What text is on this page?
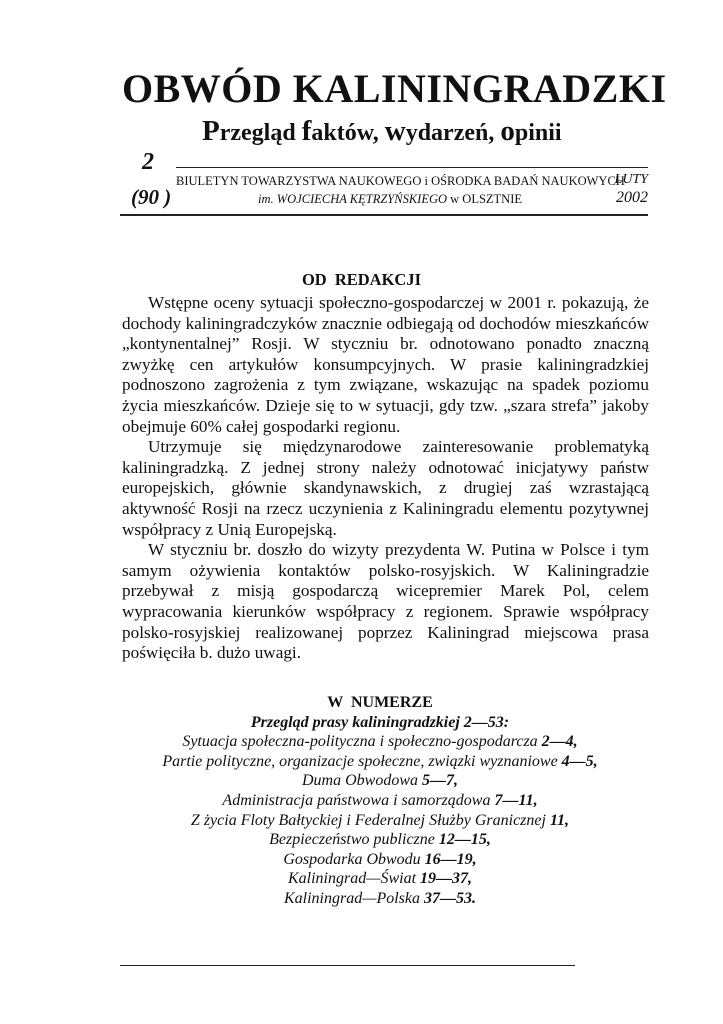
OBWÓD KALININGRADZKI
Przegląd faktów, wydarzeń, opinii
2
(90 )
BIULETYN TOWARZYSTWA NAUKOWEGO i OŚRODKA BADAŃ NAUKOWYCH
im. WOJCIECHA KĘTRZYŃSKIEGO w OLSZTNIE
LUTY
2002
OD REDAKCJI

Wstępne oceny sytuacji społeczno-gospodarczej w 2001 r. pokazują, że dochody kaliningradczyków znacznie odbiegają od dochodów mieszkańców „kontynentalnej” Rosji. W styczniu br. odnotowano ponadto znaczną zwyżkę cen artykułów konsumpcyjnych. W prasie kaliningradzkiej podnoszono zagrożenia z tym związane, wskazując na spadek poziomu życia mieszkańców. Dzieje się to w sytuacji, gdy tzw. „szara strefa” jakoby obejmuje 60% całej gospodarki regionu.

Utrzymuje się międzynarodowe zainteresowanie problematyką kaliningradzką. Z jednej strony należy odnotować inicjatywy państw europejskich, głównie skandynawskich, z drugiej zaś wzrastającą aktywność Rosji na rzecz uczynienia z Kaliningradu elementu pozytywnej współpracy z Unią Europejską.

W styczniu br. doszło do wizyty prezydenta W. Putina w Polsce i tym samym ożywienia kontaktów polsko-rosyjskich. W Kaliningradzie przebywał z misją gospodarczą wicepremier Marek Pol, celem wypracowania kierunków współpracy z regionem. Sprawie współpracy polsko-rosyjskiej realizowanej poprzez Kaliningrad miejscowa prasa poświęciła b. dużo uwagi.

W NUMERZE
Przegląd prasy kaliningradzkiej 2—53:
Sytuacja społeczna-polityczna i społeczno-gospodarcza 2—4,
Partie polityczne, organizacje społeczne, związki wyznaniowe 4—5,
Duma Obwodowa 5—7,
Administracja państwowa i samorządowa 7—11,
Z życia Floty Bałtyckiej i Federalnej Służby Granicznej 11,
Bezpieczeństwo publiczne 12—15,
Gospodarka Obwodu 16—19,
Kaliningrad—Świat 19—37,
Kaliningrad—Polska 37—53.
